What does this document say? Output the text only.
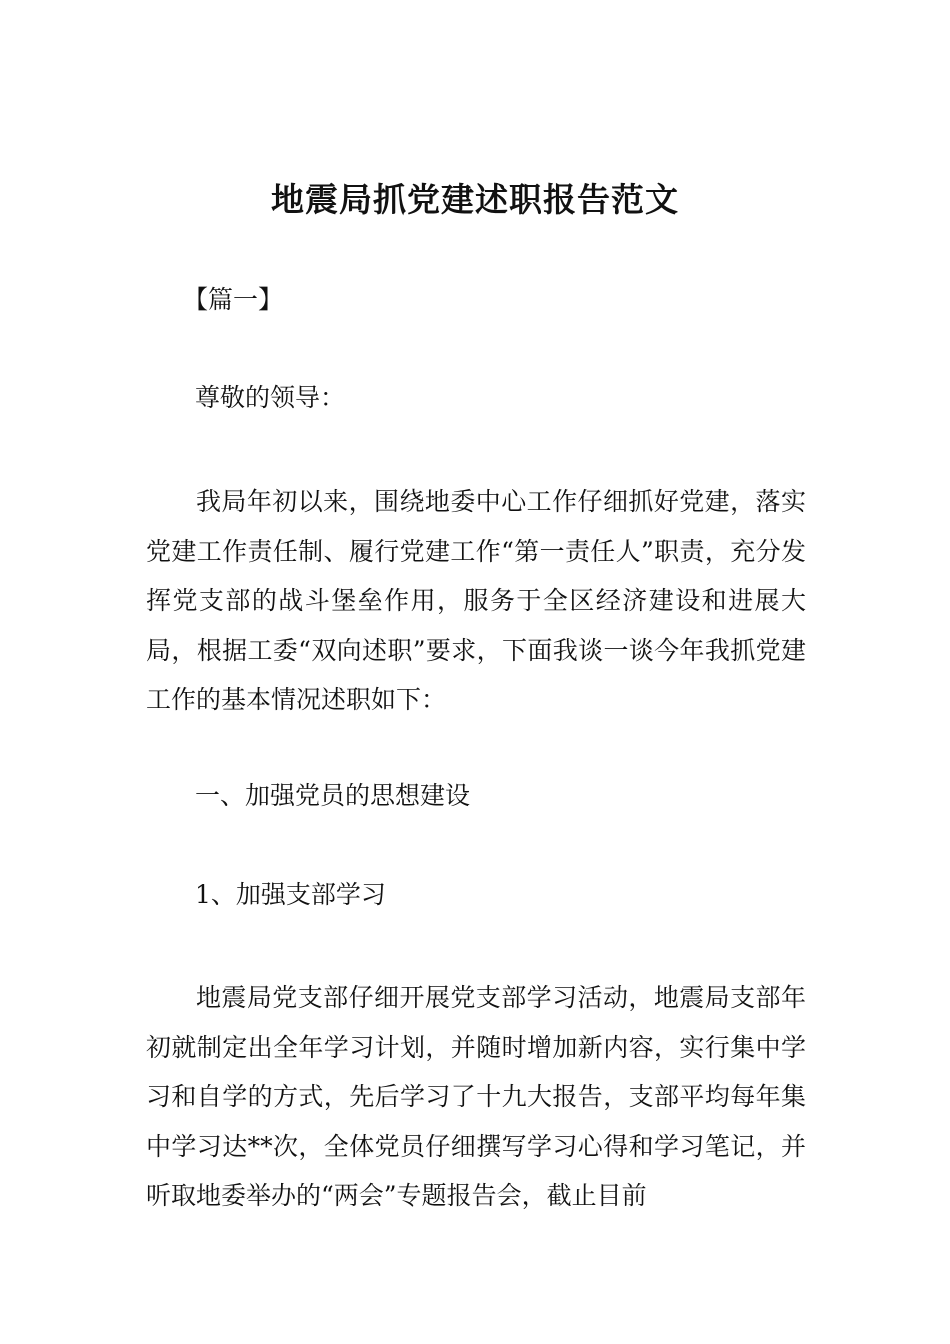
地震局抓党建述职报告范文

【篇一】

尊敬的领导：

我局年初以来，围绕地委中心工作仔细抓好党建，落实党建工作责任制、履行党建工作“第一责任人”职责，充分发挥党支部的战斗堡垒作用，服务于全区经济建设和进展大局，根据工委“双向述职”要求，下面我谈一谈今年我抓党建工作的基本情况述职如下：

一、加强党员的思想建设

1、加强支部学习

地震局党支部仔细开展党支部学习活动，地震局支部年初就制定出全年学习计划，并随时增加新内容，实行集中学习和自学的方式，先后学习了十九大报告，支部平均每年集中学习达**次，全体党员仔细撰写学习心得和学习笔记，并听取地委举办的“两会”专题报告会，截止目前
